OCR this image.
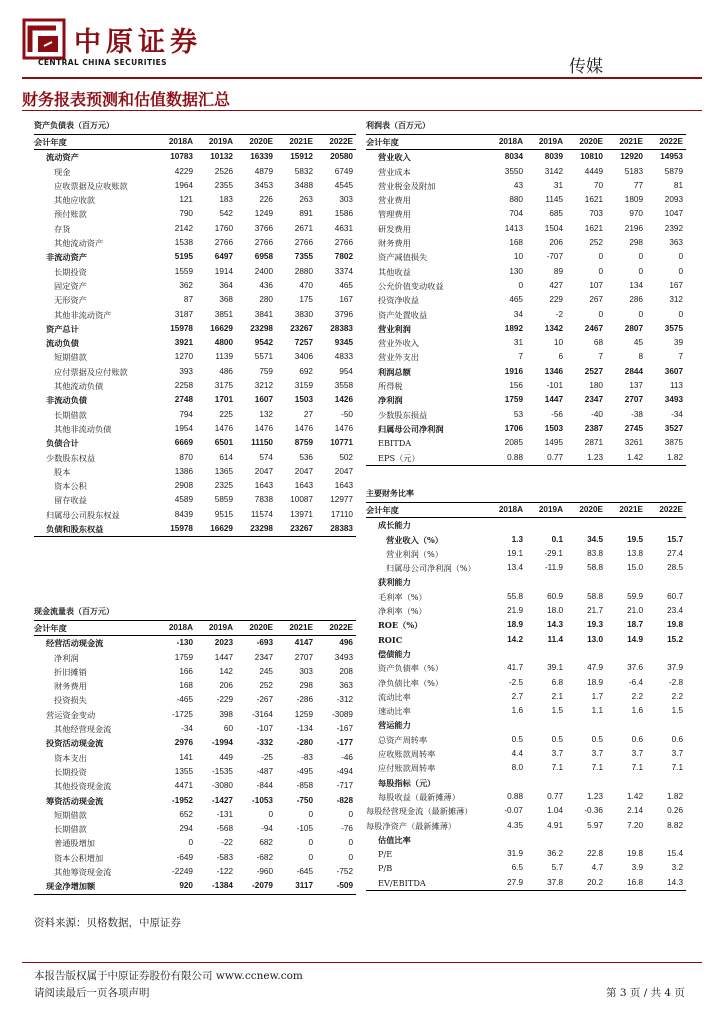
中原证券
CENTRAL CHINA SECURITIES	传媒
财务报表预测和估值数据汇总
资产负债表（百万元）
会计年度	2018A	2019A	2020E	2021E	2022E
流动资产	10783	10132	16339	15912	20580
现金	4229	2526	4879	5832	6749
应收票据及应收账款	1964	2355	3453	3488	4545
其他应收款	121	183	226	263	303
预付账款	790	542	1249	891	1586
存货	2142	1760	3766	2671	4631
其他流动资产	1538	2766	2766	2766	2766
非流动资产	5195	6497	6958	7355	7802
长期投资	1559	1914	2400	2880	3374
固定资产	362	364	436	470	465
无形资产	87	368	280	175	167
其他非流动资产	3187	3851	3841	3830	3796
资产总计	15978	16629	23298	23267	28383
流动负债	3921	4800	9542	7257	9345
短期借款	1270	1139	5571	3406	4833
应付票据及应付账款	393	486	759	692	954
其他流动负债	2258	3175	3212	3159	3558
非流动负债	2748	1701	1607	1503	1426
长期借款	794	225	132	27	-50
其他非流动负债	1954	1476	1476	1476	1476
负债合计	6669	6501	11150	8759	10771
少数股东权益	870	614	574	536	502
股本	1386	1365	2047	2047	2047
资本公积	2908	2325	1643	1643	1643
留存收益	4589	5859	7838	10087	12977
归属母公司股东权益	8439	9515	11574	13971	17110
负债和股东权益	15978	16629	23298	23267	28383
现金流量表（百万元）
会计年度	2018A	2019A	2020E	2021E	2022E
经营活动现金流	-130	2023	-693	4147	496
净利润	1759	1447	2347	2707	3493
折旧摊销	166	142	245	303	208
财务费用	168	206	252	298	363
投资损失	-465	-229	-267	-286	-312
营运资金变动	-1725	398	-3164	1259	-3089
其他经营现金流	-34	60	-107	-134	-167
投资活动现金流	2976	-1994	-332	-280	-177
资本支出	141	449	-25	-83	-46
长期投资	1355	-1535	-487	-495	-494
其他投资现金流	4471	-3080	-844	-858	-717
筹资活动现金流	-1952	-1427	-1053	-750	-828
短期借款	652	-131	0	0	0
长期借款	294	-568	-94	-105	-76
普通股增加	0	-22	682	0	0
资本公积增加	-649	-583	-682	0	0
其他筹资现金流	-2249	-122	-960	-645	-752
现金净增加额	920	-1384	-2079	3117	-509
利润表（百万元）
会计年度	2018A	2019A	2020E	2021E	2022E
营业收入	8034	8039	10810	12920	14953
营业成本	3550	3142	4449	5183	5879
营业税金及附加	43	31	70	77	81
营业费用	880	1145	1621	1809	2093
管理费用	704	685	703	970	1047
研发费用	1413	1504	1621	2196	2392
财务费用	168	206	252	298	363
资产减值损失	10	-707	0	0	0
其他收益	130	89	0	0	0
公允价值变动收益	0	427	107	134	167
投资净收益	465	229	267	286	312
资产处置收益	34	-2	0	0	0
营业利润	1892	1342	2467	2807	3575
营业外收入	31	10	68	45	39
营业外支出	7	6	7	8	7
利润总额	1916	1346	2527	2844	3607
所得税	156	-101	180	137	113
净利润	1759	1447	2347	2707	3493
少数股东损益	53	-56	-40	-38	-34
归属母公司净利润	1706	1503	2387	2745	3527
EBITDA	2085	1495	2871	3261	3875
EPS（元）	0.88	0.77	1.23	1.42	1.82
主要财务比率
会计年度	2018A	2019A	2020E	2021E	2022E
成长能力					
营业收入（%）	1.3	0.1	34.5	19.5	15.7
营业利润（%）	19.1	-29.1	83.8	13.8	27.4
归属母公司净利润（%）	13.4	-11.9	58.8	15.0	28.5
获利能力					
毛利率（%）	55.8	60.9	58.8	59.9	60.7
净利率（%）	21.9	18.0	21.7	21.0	23.4
ROE（%）	18.9	14.3	19.3	18.7	19.8
ROIC	14.2	11.4	13.0	14.9	15.2
偿债能力					
资产负债率（%）	41.7	39.1	47.9	37.6	37.9
净负债比率（%）	-2.5	6.8	18.9	-6.4	-2.8
流动比率	2.7	2.1	1.7	2.2	2.2
速动比率	1.6	1.5	1.1	1.6	1.5
营运能力					
总资产周转率	0.5	0.5	0.5	0.6	0.6
应收账款周转率	4.4	3.7	3.7	3.7	3.7
应付账款周转率	8.0	7.1	7.1	7.1	7.1
每股指标（元）					
每股收益（最新摊薄）	0.88	0.77	1.23	1.42	1.82
每股经营现金流（最新摊薄）	-0.07	1.04	-0.36	2.14	0.26
每股净资产（最新摊薄）	4.35	4.91	5.97	7.20	8.82
估值比率					
P/E	31.9	36.2	22.8	19.8	15.4
P/B	6.5	5.7	4.7	3.9	3.2
EV/EBITDA	27.9	37.8	20.2	16.8	14.3
资料来源：贝格数据，中原证券
本报告版权属于中原证券股份有限公司 www.ccnew.com
请阅读最后一页各项声明	第 3 页 / 共 4 页
